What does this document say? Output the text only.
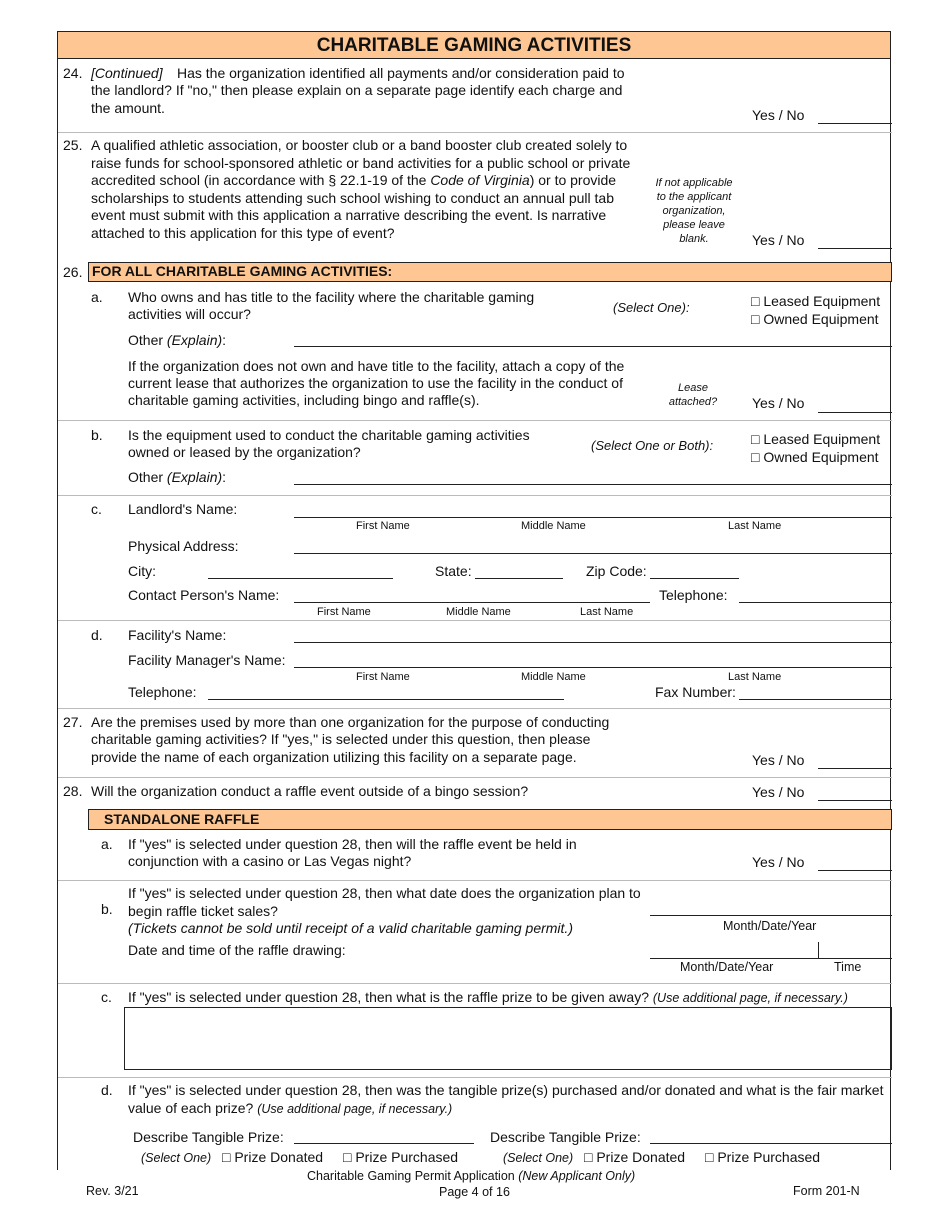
CHARITABLE GAMING ACTIVITIES
24. [Continued] Has the organization identified all payments and/or consideration paid to
the landlord? If "no," then please explain on a separate page identify each charge and
the amount.	Yes / No
25. A qualified athletic association, or booster club or a band booster club created solely to
raise funds for school-sponsored athletic or band activities for a public school or private
accredited school (in accordance with § 22.1-19 of the Code of Virginia) or to provide
scholarships to students attending such school wishing to conduct an annual pull tab
event must submit with this application a narrative describing the event. Is narrative
attached to this application for this type of event?
If not applicable
to the applicant
organization,
please leave
blank.	Yes / No
26. FOR ALL CHARITABLE GAMING ACTIVITIES:
a. Who owns and has title to the facility where the charitable gaming
activities will occur?	(Select One):	□ Leased Equipment
□ Owned Equipment
Other (Explain):
If the organization does not own and have title to the facility, attach a copy of the
current lease that authorizes the organization to use the facility in the conduct of
charitable gaming activities, including bingo and raffle(s).
Lease
attached?	Yes / No
b. Is the equipment used to conduct the charitable gaming activities
owned or leased by the organization?	(Select One or Both):	□ Leased Equipment
□ Owned Equipment
Other (Explain):
c. Landlord's Name:
First Name	Middle Name	Last Name
Physical Address:
City:	State:	Zip Code:
Contact Person's Name:	Telephone:
First Name	Middle Name	Last Name
d. Facility's Name:
Facility Manager's Name:
First Name	Middle Name	Last Name
Telephone:	Fax Number:
27. Are the premises used by more than one organization for the purpose of conducting
charitable gaming activities? If "yes," is selected under this question, then please
provide the name of each organization utilizing this facility on a separate page.	Yes / No
28. Will the organization conduct a raffle event outside of a bingo session?	Yes / No
STANDALONE RAFFLE
a. If "yes" is selected under question 28, then will the raffle event be held in
conjunction with a casino or Las Vegas night?	Yes / No
If "yes" is selected under question 28, then what date does the organization plan to
b. begin raffle ticket sales?
(Tickets cannot be sold until receipt of a valid charitable gaming permit.)
Date and time of the raffle drawing:
Month/Date/Year
Month/Date/Year	Time
c. If "yes" is selected under question 28, then what is the raffle prize to be given away? (Use additional page, if necessary.)
d. If "yes" is selected under question 28, then was the tangible prize(s) purchased and/or donated and what is the fair market
value of each prize? (Use additional page, if necessary.)
Describe Tangible Prize:	Describe Tangible Prize:
(Select One) □ Prize Donated □ Prize Purchased	(Select One) □ Prize Donated □ Prize Purchased
Rev. 3/21
Charitable Gaming Permit Application (New Applicant Only)
Page 4 of 16	Form 201-N
